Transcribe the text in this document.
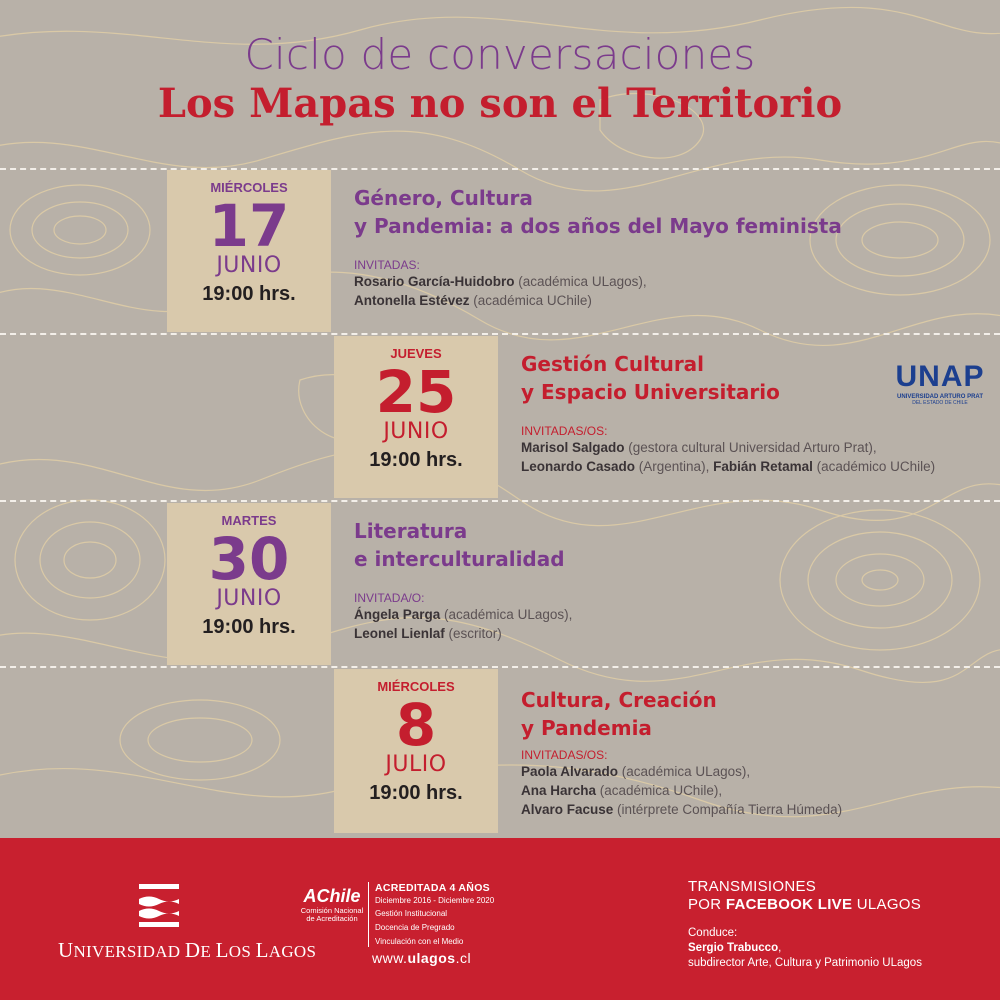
Ciclo de conversaciones
Los Mapas no son el Territorio
MIÉRCOLES
17
JUNIO
19:00 hrs.
Género, Cultura
y Pandemia: a dos años del Mayo feminista
INVITADAS:
Rosario García-Huidobro (académica ULagos),
Antonella Estévez (académica UChile)
JUEVES
25
JUNIO
19:00 hrs.
Gestión Cultural
y Espacio Universitario
INVITADAS/OS:
Marisol Salgado (gestora cultural Universidad Arturo Prat),
Leonardo Casado (Argentina), Fabián Retamal (académico UChile)
UNAP
UNIVERSIDAD ARTURO PRAT
DEL ESTADO DE CHILE
MARTES
30
JUNIO
19:00 hrs.
Literatura
e interculturalidad
INVITADA/O:
Ángela Parga (académica ULagos),
Leonel Lienlaf (escritor)
MIÉRCOLES
8
JULIO
19:00 hrs.
Cultura, Creación
y Pandemia
INVITADAS/OS:
Paola Alvarado (académica ULagos),
Ana Harcha (académica UChile),
Alvaro Facuse (intérprete Compañía Tierra Húmeda)
UNIVERSIDAD DE LOS LAGOS
AChile
Comisión Nacional
de Acreditación
ACREDITADA 4 AÑOS
Diciembre 2016 - Diciembre 2020
Gestión Institucional
Docencia de Pregrado
Vinculación con el Medio
www.ulagos.cl
TRANSMISIONES
POR FACEBOOK LIVE ULAGOS
Conduce:
Sergio Trabucco,
subdirector Arte, Cultura y Patrimonio ULagos
